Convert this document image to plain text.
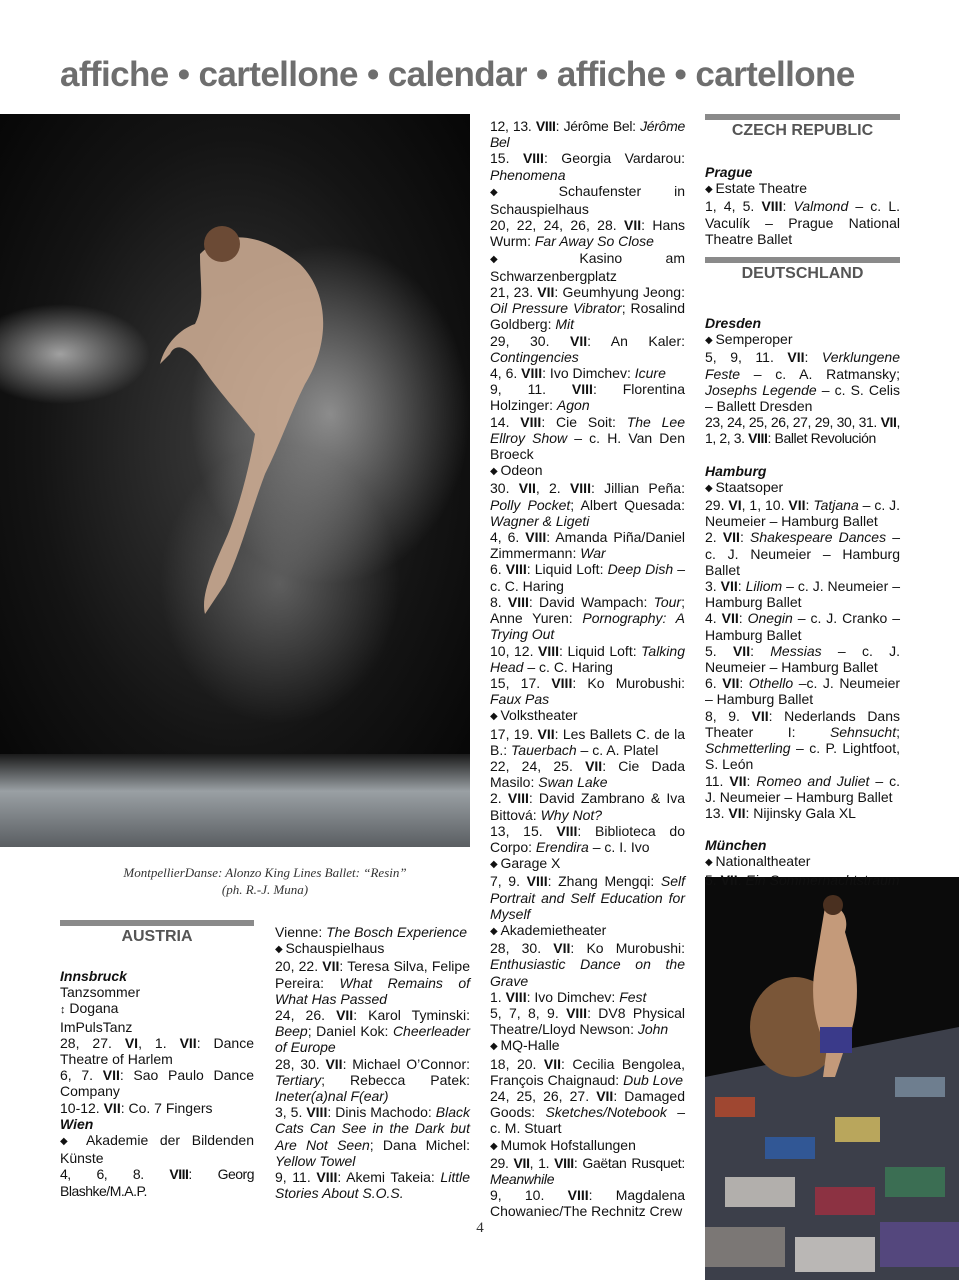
affiche • cartellone • calendar • affiche • cartellone
MontpellierDanse: Alonzo King Lines Ballet: “Resin”
(ph. R.-J. Muna)
AUSTRIA

Innsbruck

Tanzsommer

↕ Dogana

ImPulsTanz

28, 27. VI, 1. VII: Dance Theatre of Harlem

6, 7. VII: Sao Paulo Dance Company

10-12. VII: Co. 7 Fingers

Wien

◆ Akademie der Bildenden Künste

4, 6, 8. VIII: Georg Blashke/M.A.P.

Vienne: The Bosch Experience

◆ Schauspielhaus

20, 22. VII: Teresa Silva, Felipe Pereira: What Remains of What Has Passed

24, 26. VII: Karol Tyminski: Beep; Daniel Kok: Cheerleader of Europe

28, 30. VII: Michael O’Connor: Tertiary; Rebecca Patek: Ineter(a)nal F(ear)

3, 5. VIII: Dinis Machodo: Black Cats Can See in the Dark but Are Not Seen; Dana Michel: Yellow Towel

9, 11. VIII: Akemi Takeia: Little Stories About S.O.S.

12, 13. VIII: Jérôme Bel: Jérôme Bel

15. VIII: Georgia Vardarou: Phenomena

◆ Schaufenster in Schauspielhaus

20, 22, 24, 26, 28. VII: Hans Wurm: Far Away So Close

◆ Kasino am Schwarzenbergplatz

21, 23. VII: Geumhyung Jeong: Oil Pressure Vibrator; Rosalind Goldberg: Mit

29, 30. VII: An Kaler: Contingencies

4, 6. VIII: Ivo Dimchev: Icure

9, 11. VIII: Florentina Holzinger: Agon

14. VIII: Cie Soit: The Lee Ellroy Show – c. H. Van Den Broeck

◆ Odeon

30. VII, 2. VIII: Jillian Peña: Polly Pocket; Albert Quesada: Wagner & Ligeti

4, 6. VIII: Amanda Piña/Daniel Zimmermann: War

6. VIII: Liquid Loft: Deep Dish – c. C. Haring

8. VIII: David Wampach: Tour; Anne Yuren: Pornography: A Trying Out

10, 12. VIII: Liquid Loft: Talking Head – c. C. Haring

15, 17. VIII: Ko Murobushi: Faux Pas

◆ Volkstheater

17, 19. VII: Les Ballets C. de la B.: Tauerbach – c. A. Platel

22, 24, 25. VII: Cie Dada Masilo: Swan Lake

2. VIII: David Zambrano & Iva Bittová: Why Not?

13, 15. VIII: Biblioteca do Corpo: Erendira – c. I. Ivo

◆ Garage X

7, 9. VIII: Zhang Mengqi: Self Portrait and Self Education for Myself

◆ Akademietheater

28, 30. VII: Ko Murobushi: Enthusiastic Dance on the Grave

1. VIII: Ivo Dimchev: Fest

5, 7, 8, 9. VIII: DV8 Physical Theatre/Lloyd Newson: John

◆ MQ-Halle

18, 20. VII: Cecilia Bengolea, François Chaignaud: Dub Love

24, 25, 26, 27. VII: Damaged Goods: Sketches/Notebook – c. M. Stuart

◆ Mumok Hofstallungen

29. VII, 1. VIII: Gaëtan Rusquet: Meanwhile

9, 10. VIII: Magdalena Chowaniec/The Rechnitz Crew

CZECH REPUBLIC

Prague

◆ Estate Theatre

1, 4, 5. VIII: Valmond – c. L. Vaculík – Prague National Theatre Ballet

DEUTSCHLAND

Dresden

◆ Semperoper

5, 9, 11. VII: Verklungene Feste – c. A. Ratmansky; Josephs Legende – c. S. Celis – Ballett Dresden

23, 24, 25, 26, 27, 29, 30, 31. VII, 1, 2, 3. VIII: Ballet Revolución

Hamburg

◆ Staatsoper

29. VI, 1, 10. VII: Tatjana – c. J. Neumeier – Hamburg Ballet

2. VII: Shakespeare Dances – c. J. Neumeier – Hamburg Ballet

3. VII: Liliom – c. J. Neumeier – Hamburg Ballet

4. VII: Onegin – c. J. Cranko – Hamburg Ballet

5. VII: Messias – c. J. Neumeier – Hamburg Ballet

6. VII: Othello –c. J. Neumeier – Hamburg Ballet

8, 9. VII: Nederlands Dans Theater I: Sehnsucht; Schmetterling – c. P. Lightfoot, S. León

11. VII: Romeo and Juliet – c. J. Neumeier – Hamburg Ballet

13. VII: Nijinsky Gala XL

München

◆ Nationaltheater

5. VII: Ein Sommernachtstraum

4
